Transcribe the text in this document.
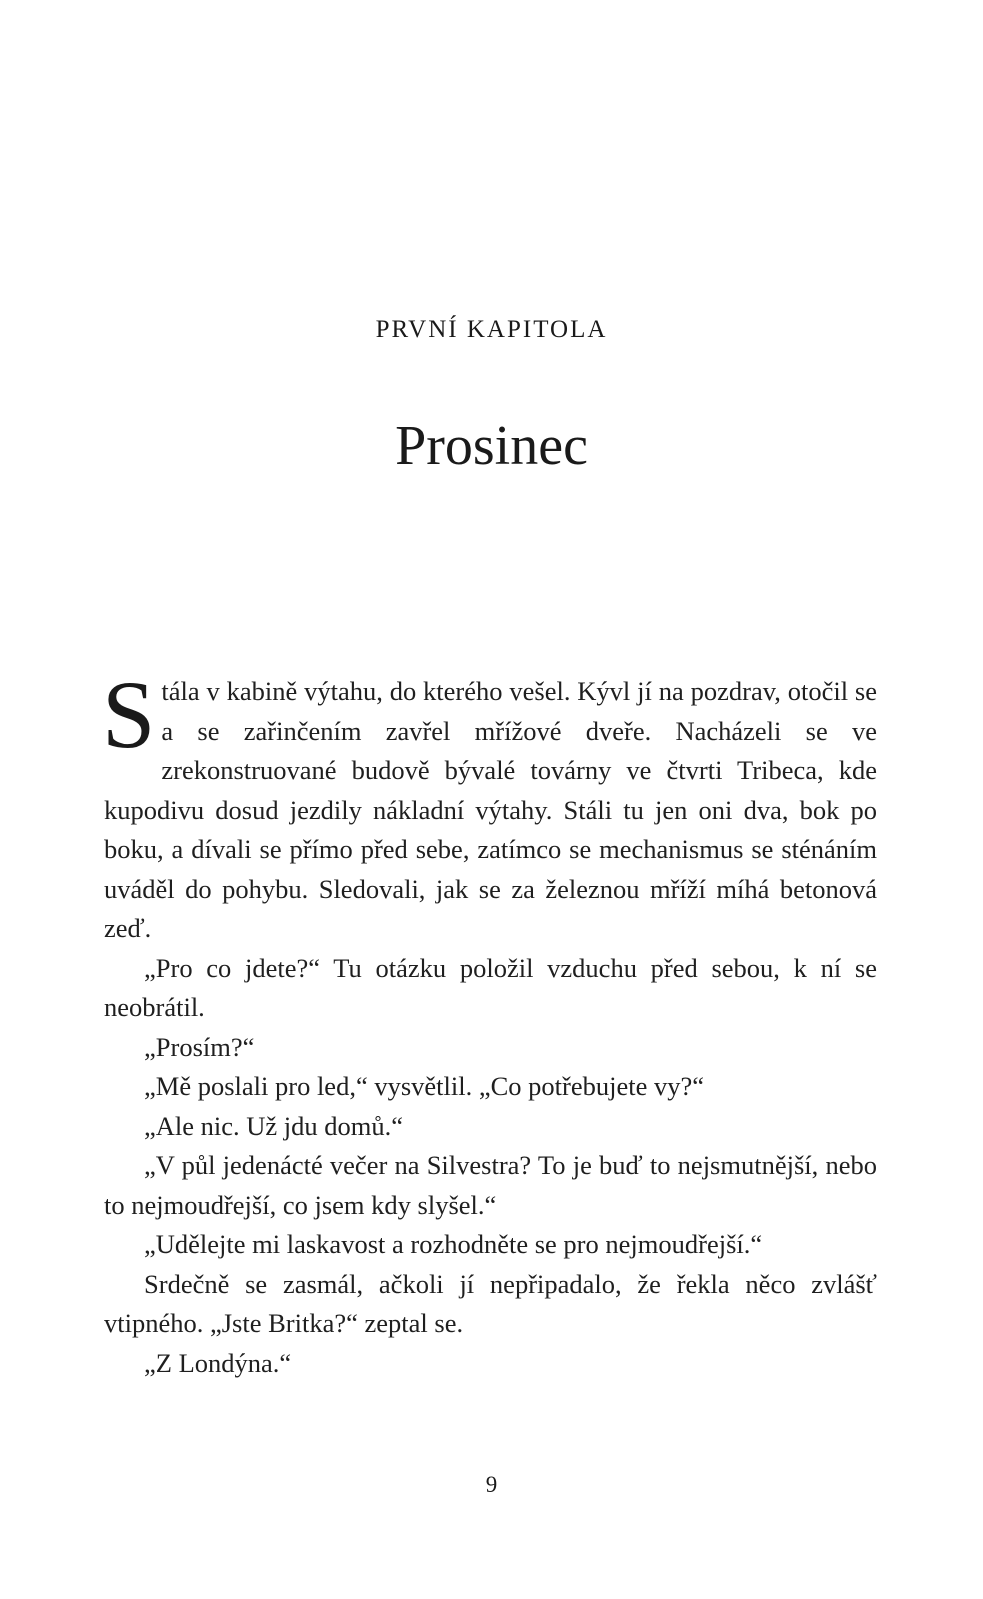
PRVNÍ KAPITOLA
Prosinec

Stála v kabině výtahu, do kterého vešel. Kývl jí na pozdrav, otočil se a se zařinčením zavřel mřížové dveře. Nacházeli se ve zrekonstruované budově bývalé továrny ve čtvrti Tribeca, kde kupodivu dosud jezdily nákladní výtahy. Stáli tu jen oni dva, bok po boku, a dívali se přímo před sebe, zatímco se mechanismus se sténáním uváděl do pohybu. Sledovali, jak se za železnou mříží míhá betonová zeď.

„Pro co jdete?“ Tu otázku položil vzduchu před sebou, k ní se neobrátil.

„Prosím?“

„Mě poslali pro led,“ vysvětlil. „Co potřebujete vy?“

„Ale nic. Už jdu domů.“

„V půl jedenácté večer na Silvestra? To je buď to nejsmutnější, nebo to nejmoudřejší, co jsem kdy slyšel.“

„Udělejte mi laskavost a rozhodněte se pro nejmoudřejší.“

Srdečně se zasmál, ačkoli jí nepřipadalo, že řekla něco zvlášť vtipného. „Jste Britka?“ zeptal se.

„Z Londýna.“

9
